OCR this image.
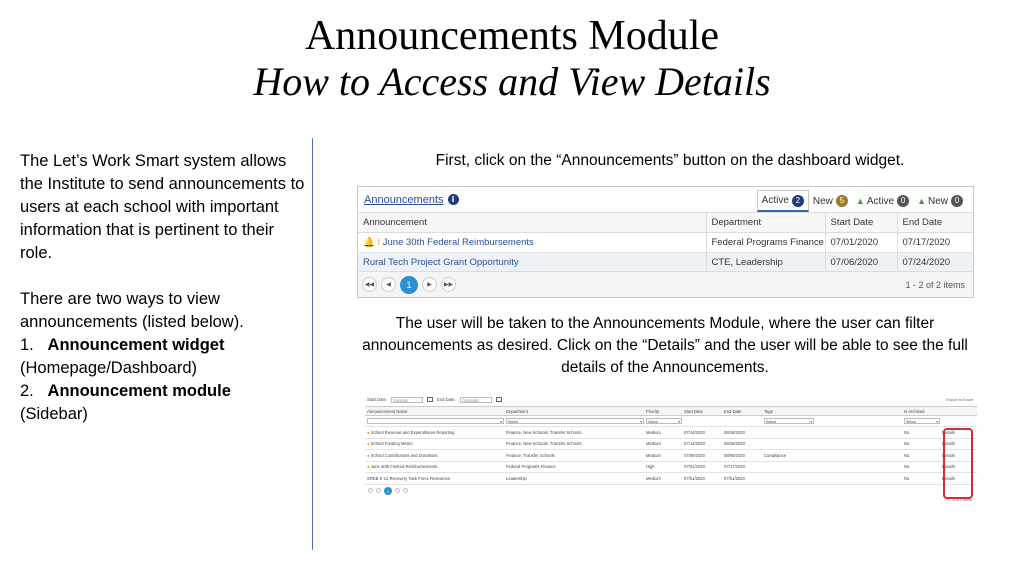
Announcements Module
How to Access and View Details

The Let’s Work Smart system allows the Institute to send announcements to users at each school with important information that is pertinent to their role.

There are two ways to view announcements (listed below).

1. Announcement widget

(Homepage/Dashboard)

2. Announcement module

(Sidebar)

First, click on the “Announcements” button on the dashboard widget.
Announcements	i	Active 2	New 5	▲ Active 0	▲ New 0
Announcement	Department	Start Date	End Date
🔔 ! June 30th Federal Reimbursements	Federal Programs Finance	07/01/2020	07/17/2020
Rural Tech Project Grant Opportunity	CTE, Leadership	07/06/2020	07/24/2020
◀◀	◀	1	▶	▶▶	1 - 2 of 2 items
The user will be taken to the Announcements Module, where the user can filter announcements as desired. Click on the “Details” and the user will be able to see the full details of the Announcements.
Start Date:	7/1/2020	End Date:	7/15/2020	Export to Excel
Announcement Name	Department	Priority	Start Date	End Date	Tags	Is Archived	

▾

Select ▾	Select ▾			Select ▾	Select ▾

● School Revenue and Expenditures Reporting	Finance, New Schools, Transfer Schools	Medium	07/14/2020	08/28/2020		No	Details
● School Funding Memo	Finance, New Schools, Transfer Schools	Medium	07/14/2020	08/28/2020		No	Details
● School Contributions and Donations	Finance, Transfer Schools	Medium	07/09/2020	08/08/2020	Compliance	No	Details
● June 30th Federal Reimbursements	Federal Programs Finance	High	07/01/2020	07/17/2020		No	Details
SREB K-12 Recovery Task Force Resources	Leadership	Medium	07/01/2020	07/01/2020		No	Details
1
1 - 5 of 5 items
